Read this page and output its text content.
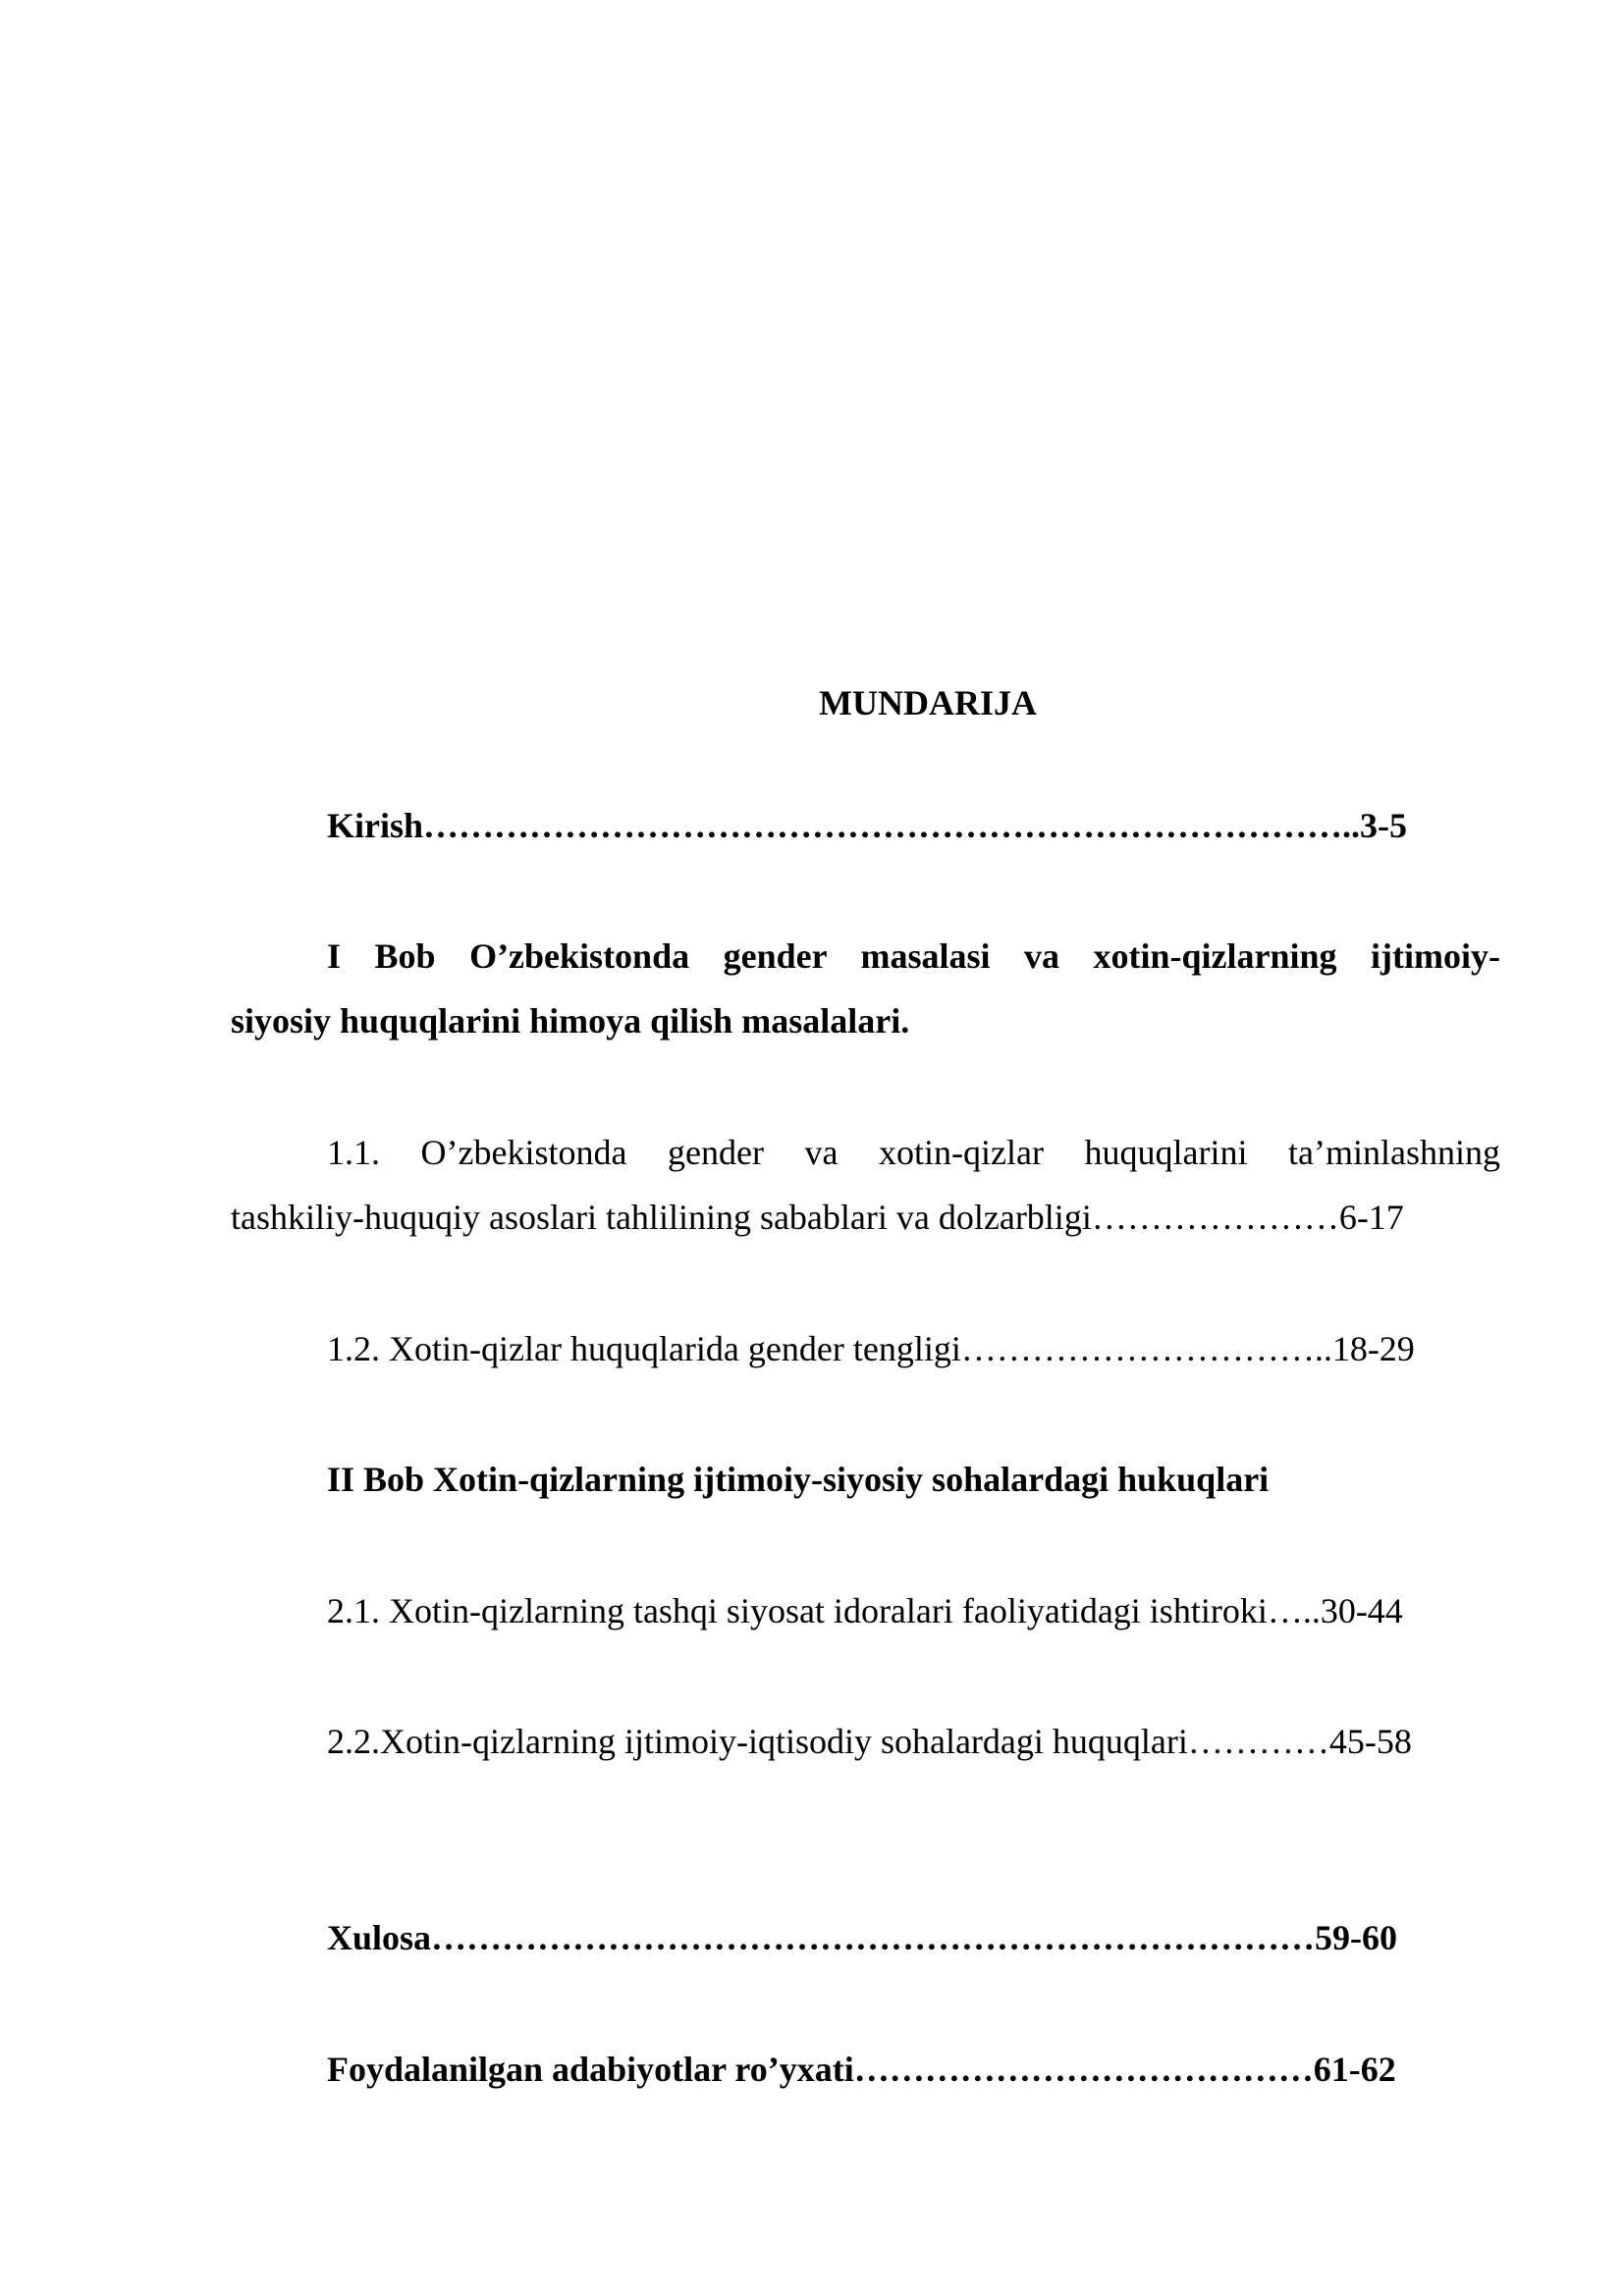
MUNDARIJA
Kirish……………………………………………………………………..3-5
I Bob O’zbekistonda gender masalasi va xotin-qizlarning ijtimoiy-
siyosiy huquqlarini himoya qilish masalalari.
1.1. O’zbekistonda gender va xotin-qizlar huquqlarini ta’minlashning
tashkiliy-huquqiy asoslari tahlilining sabablari va dolzarbligi…………………6-17
1.2. Xotin-qizlar huquqlarida gender tengligi…………………………..18-29
II Bob Xotin-qizlarning ijtimoiy-siyosiy sohalardagi hukuqlari
2.1. Xotin-qizlarning tashqi siyosat idoralari faoliyatidagi ishtiroki…..30-44
2.2.Xotin-qizlarning ijtimoiy-iqtisodiy sohalardagi huquqlari…………45-58
Xulosa…………………………………………………………………59-60
Foydalanilgan adabiyotlar ro’yxati…………………………………61-62
